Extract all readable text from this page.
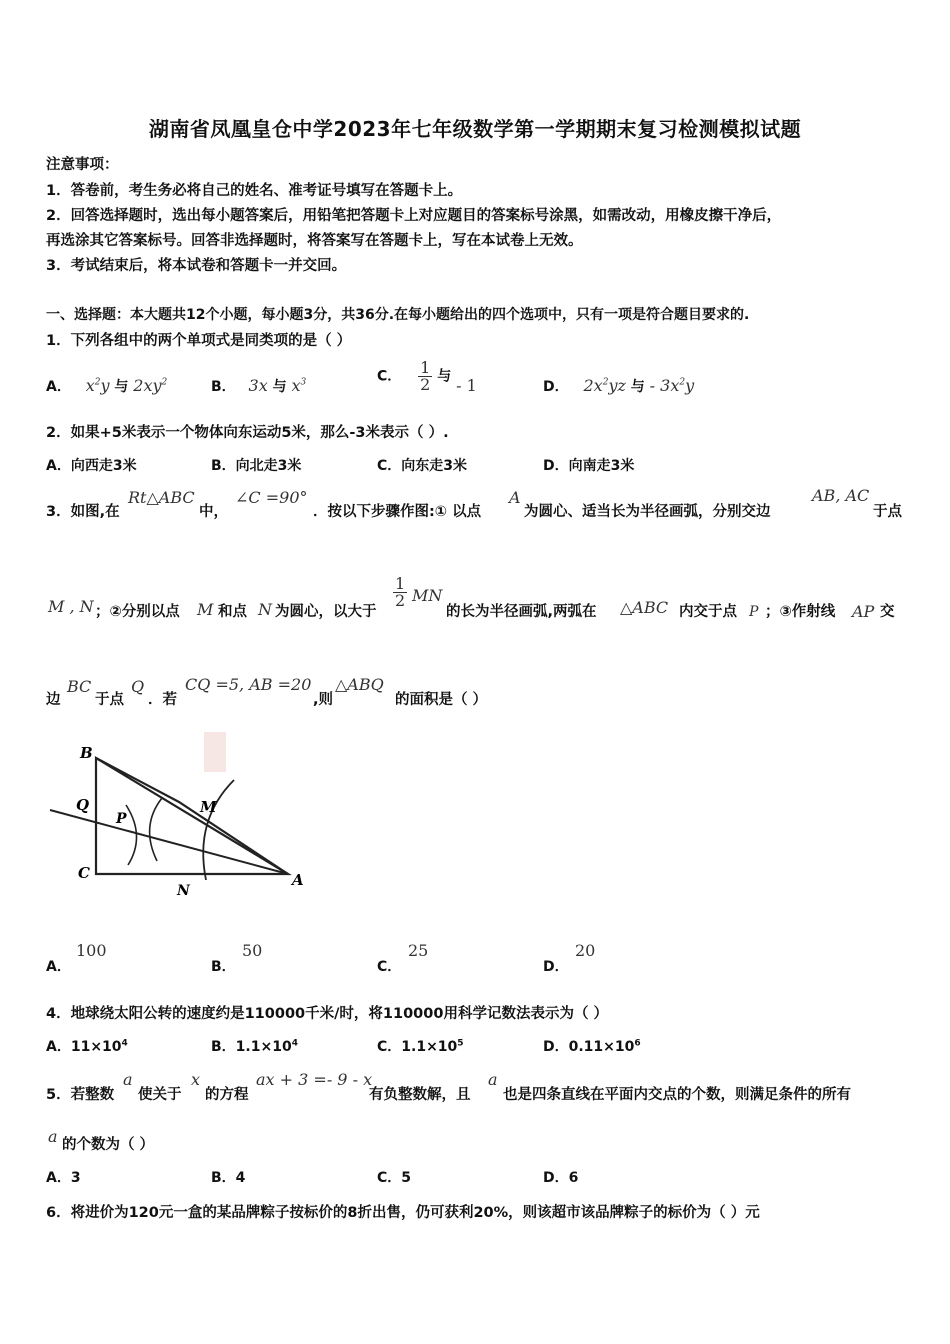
湖南省凤凰皇仓中学2023年七年级数学第一学期期末复习检测模拟试题
注意事项：
1．答卷前，考生务必将自己的姓名、准考证号填写在答题卡上。
2．回答选择题时，选出每小题答案后，用铅笔把答题卡上对应题目的答案标号涂黑，如需改动，用橡皮擦干净后，
再选涂其它答案标号。回答非选择题时，将答案写在答题卡上，写在本试卷上无效。
3．考试结束后，将本试卷和答题卡一并交回。
一、选择题：本大题共12个小题，每小题3分，共36分.在每小题给出的四个选项中，只有一项是符合题目要求的.
1．下列各组中的两个单项式是同类项的是（ ）
A． $x^2y$ 与 $2xy^2$	B． 3x 与 $x^3$	C． $\frac{1}{2}$ 与 - 1	D． $2x^2yz$ 与 - $3x^2y$
2．如果+5米表示一个物体向东运动5米，那么-3米表示（ ）.
A．向西走3米	B．向北走3米	C．向东走3米	D．向南走3米
3．如图,在
Rt△ABC
中，
∠C =90°
．按以下步骤作图:① 以点
A
为圆心、适当长为半径画弧，分别交边
AB, AC
于点
M , N ；②分别以点 M 和点 N 为圆心，以大于
$\frac{1}{2}$ MN
的长为半径画弧,两弧在 △ABC 内交于点 P ；③作射线 AP 交
边
BC
于点
Q
．若
CQ =5, AB =20
,则
△ABQ
的面积是（ ）
B
Q
P
M
C
N
A
A．
100
B．
50
C．
25
D．
20
4．地球绕太阳公转的速度约是110000千米/时，将110000用科学记数法表示为（ ）
A．$11\times 10^4$	B．$1.1\times 10^4$	C．$1.1\times 10^5$	D．$0.11\times 10^6$
5．若整数
a
使关于
x
的方程
ax + 3 =- 9 - x
有负整数解，且
a
也是四条直线在平面内交点的个数，则满足条件的所有
a 的个数为（ ）
A．3	B．4	C．5	D．6
6．将进价为120元一盒的某品牌粽子按标价的8折出售，仍可获利20%，则该超市该品牌粽子的标价为（ ）元
